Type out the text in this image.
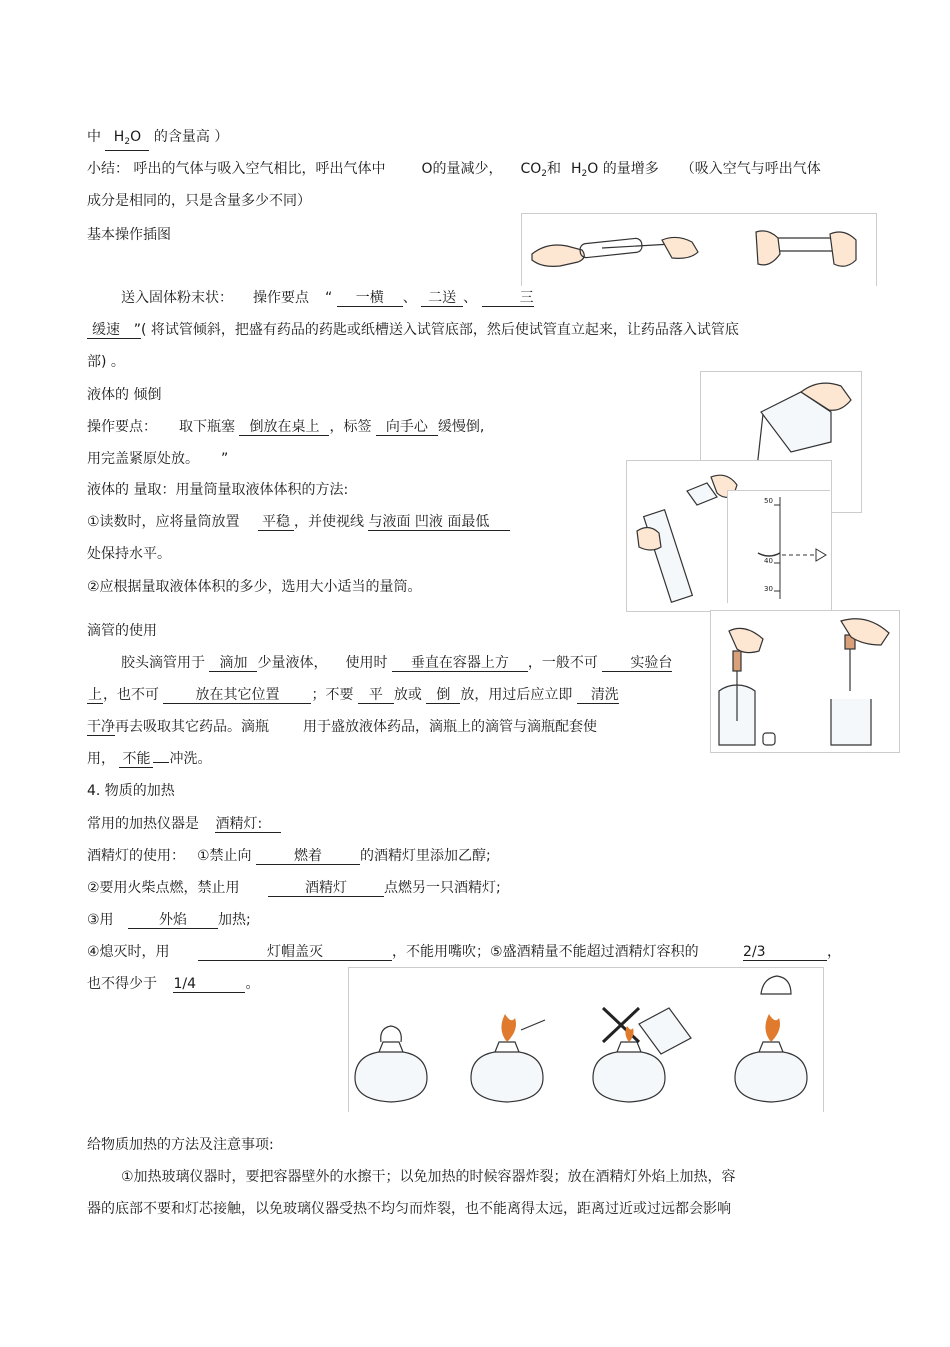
中 $H_2O$ 的含量高 ）
小结： 呼出的气体与吸入空气相比，呼出气体中	O的量减少， $CO_2$和 $H_2O$ 的量增多 （吸入空气与呼出气体
成分是相同的，只是含量多少不同）
基本操作插图
送入固体粉末状： 操作要点 “ 一横 、 二送 、	三
缓速 ”( 将试管倾斜，把盛有药品的药匙或纸槽送入试管底部，然后使试管直立起来，让药品落入试管底
部) 。
液体的 倾倒
操作要点： 取下瓶塞 倒放在桌上 ，标签 向手心 缓慢倒,
用完盖紧原处放。 ”
50
40
30
液体的 量取：用量筒量取液体体积的方法:
①读数时，应将量筒放置 平稳 ，并使视线 与液面 凹液 面最低
处保持水平。
②应根据量取液体体积的多少，选用大小适当的量筒。
滴管的使用
胶头滴管用于 滴加 少量液体， 使用时 垂直在容器上方 ，一般不可 实验台
上，也不可	放在其它位置 ；不要 平 放或 倒 放，用过后应立即 清洗
干净再去吸取其它药品。滴瓶 用于盛放液体药品，滴瓶上的滴管与滴瓶配套使
用， 不能 冲洗。
4. 物质的加热
常用的加热仪器是 酒精灯:
酒精灯的使用： ①禁止向	燃着	的酒精灯里添加乙醇;
②要用火柴点燃，禁止用	酒精灯	点燃另一只酒精灯;
③用	外焰 加热;
④熄灭时，用	灯帽盖灭	，不能用嘴吹；⑤盛酒精量不能超过酒精灯容积的	2/3	，
也不得少于 1/4	。
给物质加热的方法及注意事项:
①加热玻璃仪器时，要把容器壁外的水擦干；以免加热的时候容器炸裂；放在酒精灯外焰上加热，容
器的底部不要和灯芯接触，以免玻璃仪器受热不均匀而炸裂，也不能离得太远，距离过近或过远都会影响
